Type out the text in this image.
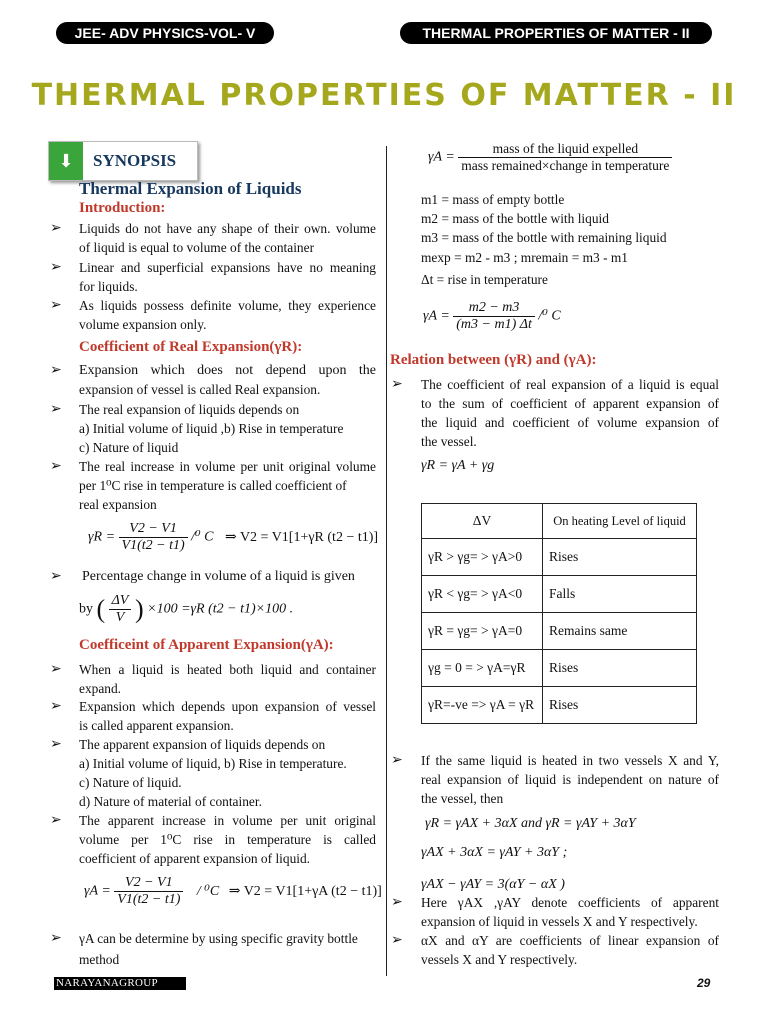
JEE- ADV PHYSICS-VOL- V	THERMAL PROPERTIES OF MATTER - II
THERMAL PROPERTIES OF MATTER - II
⬇	SYNOPSIS
Thermal Expansion of Liquids
Introduction:
➢ Liquids do not have any shape of their own. volume
of liquid is equal to volume of the container
➢ Linear and superficial expansions have no meaning
for liquids.
➢ As liquids possess definite volume, they experience
volume expansion only.
Coefficient of Real Expansion(γR):
➢ Expansion which does not depend upon the
expansion of vessel is called Real expansion.
➢ The real expansion of liquids depends on
a) Initial volume of liquid ,b) Rise in temperature
c) Nature of liquid
➢ The real increase in volume per unit original volume
per 1⁰C rise in temperature is called coefficient of
real expansion
$\gamma R = \frac{V2 - V1}{V1(t2 - t1)} /^0$ C ⇒ V2 = V1[1+γR (t2 − t1)]
➢ Percentage change in volume of a liquid is given
by ( $\frac{\Delta V}{V}$ ) ×100 =γR (t2 − t1)×100 .
Coefficeint of Apparent Expansion(γA):
➢ When a liquid is heated both liquid and container
expand.
➢ Expansion which depends upon expansion of vessel
is called apparent expansion.
➢ The apparent expansion of liquids depends on
a) Initial volume of liquid, b) Rise in temperature.
c) Nature of liquid.
d) Nature of material of container.
➢ The apparent increase in volume per unit original
volume per 1⁰C rise in temperature is called
coefficient of apparent expansion of liquid.
$\gamma A = \frac{V2 - V1}{V1(t2 - t1)} / ^0C$ ⇒ V2 = V1[1+γA (t2 − t1)]
➢ γA can be determine by using specific gravity bottle
method
$\gamma A = \frac{\text{mass of the liquid expelled}}{\text{mass remained×change in temperature}}$
m1 = mass of empty bottle
m2 = mass of the bottle with liquid
m3 = mass of the bottle with remaining liquid
mexp = m2 - m3 ; mremain = m3 - m1
Δt = rise in temperature
$\gamma A = \frac{m2 - m3}{(m3 - m1) \Delta t} /^0$ C
Relation between (γR) and (γA):
➢ The coefficient of real expansion of a liquid is equal
to the sum of coefficient of apparent expansion of
the liquid and coefficient of volume expansion of
the vessel.
γR = γA + γg
ΔV	On heating Level of liquid
γR > γg= > γA>0	Rises
γR < γg= > γA<0	Falls
γR = γg= > γA=0	Remains same
γg = 0 = > γA=γR	Rises
γR=-ve => γA = γR	Rises
➢ If the same liquid is heated in two vessels X and Y,
real expansion of liquid is independent on nature of
the vessel, then
γR = γAX + 3αX and γR = γAY + 3αY
γAX + 3αX = γAY + 3αY ;
γAX − γAY = 3(αY − αX )
➢ Here γAX ,γAY denote coefficients of apparent
expansion of liquid in vessels X and Y respectively.
➢ αX and αY are coefficients of linear expansion of
vessels X and Y respectively.
NARAYANAGROUP	29
